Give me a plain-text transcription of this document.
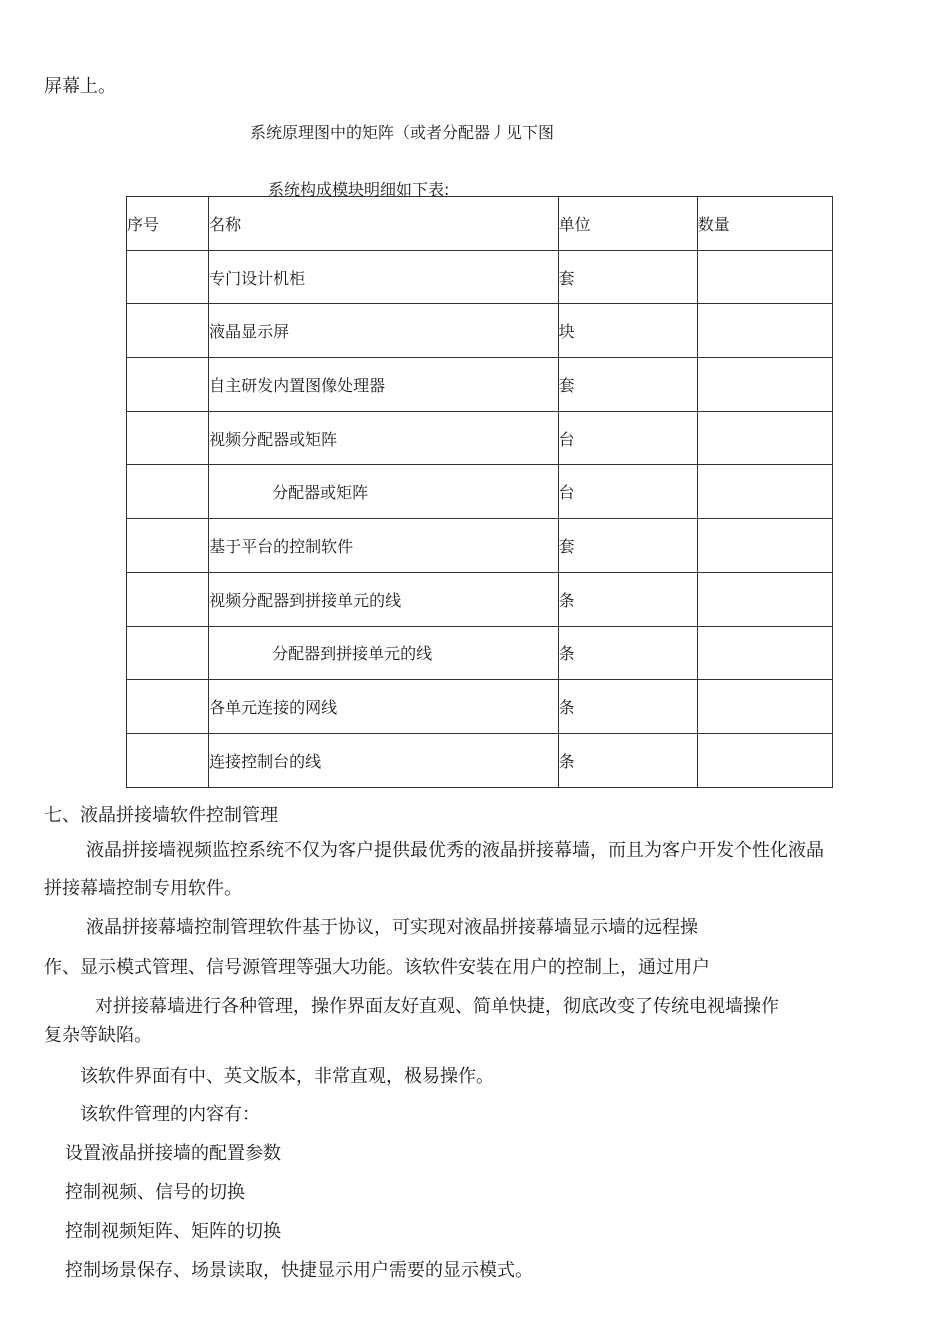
屏幕上。
系统原理图中的矩阵（或者分配器丿见下图
系统构成模块明细如下表:
序号	名称	单位	数量
	专门设计机柜	套	
	液晶显示屏	块	
	自主研发内置图像处理器	套	
	视频分配器或矩阵	台	
	分配器或矩阵	台	
	基于平台的控制软件	套	
	视频分配器到拼接单元的线	条	
	分配器到拼接单元的线	条	
	各单元连接的网线	条	
	连接控制台的线	条	
七、液晶拼接墙软件控制管理
液晶拼接墙视频监控系统不仅为客户提供最优秀的液晶拼接幕墙，而且为客户开发个性化液晶
拼接幕墙控制专用软件。
液晶拼接幕墙控制管理软件基于协议，可实现对液晶拼接幕墙显示墙的远程操
作、显示模式管理、信号源管理等强大功能。该软件安装在用户的控制上，通过用户
对拼接幕墙进行各种管理，操作界面友好直观、简单快捷，彻底改变了传统电视墙操作
复杂等缺陷。
该软件界面有中、英文版本，非常直观，极易操作。
该软件管理的内容有：
设置液晶拼接墙的配置参数
控制视频、信号的切换
控制视频矩阵、矩阵的切换
控制场景保存、场景读取，快捷显示用户需要的显示模式。
